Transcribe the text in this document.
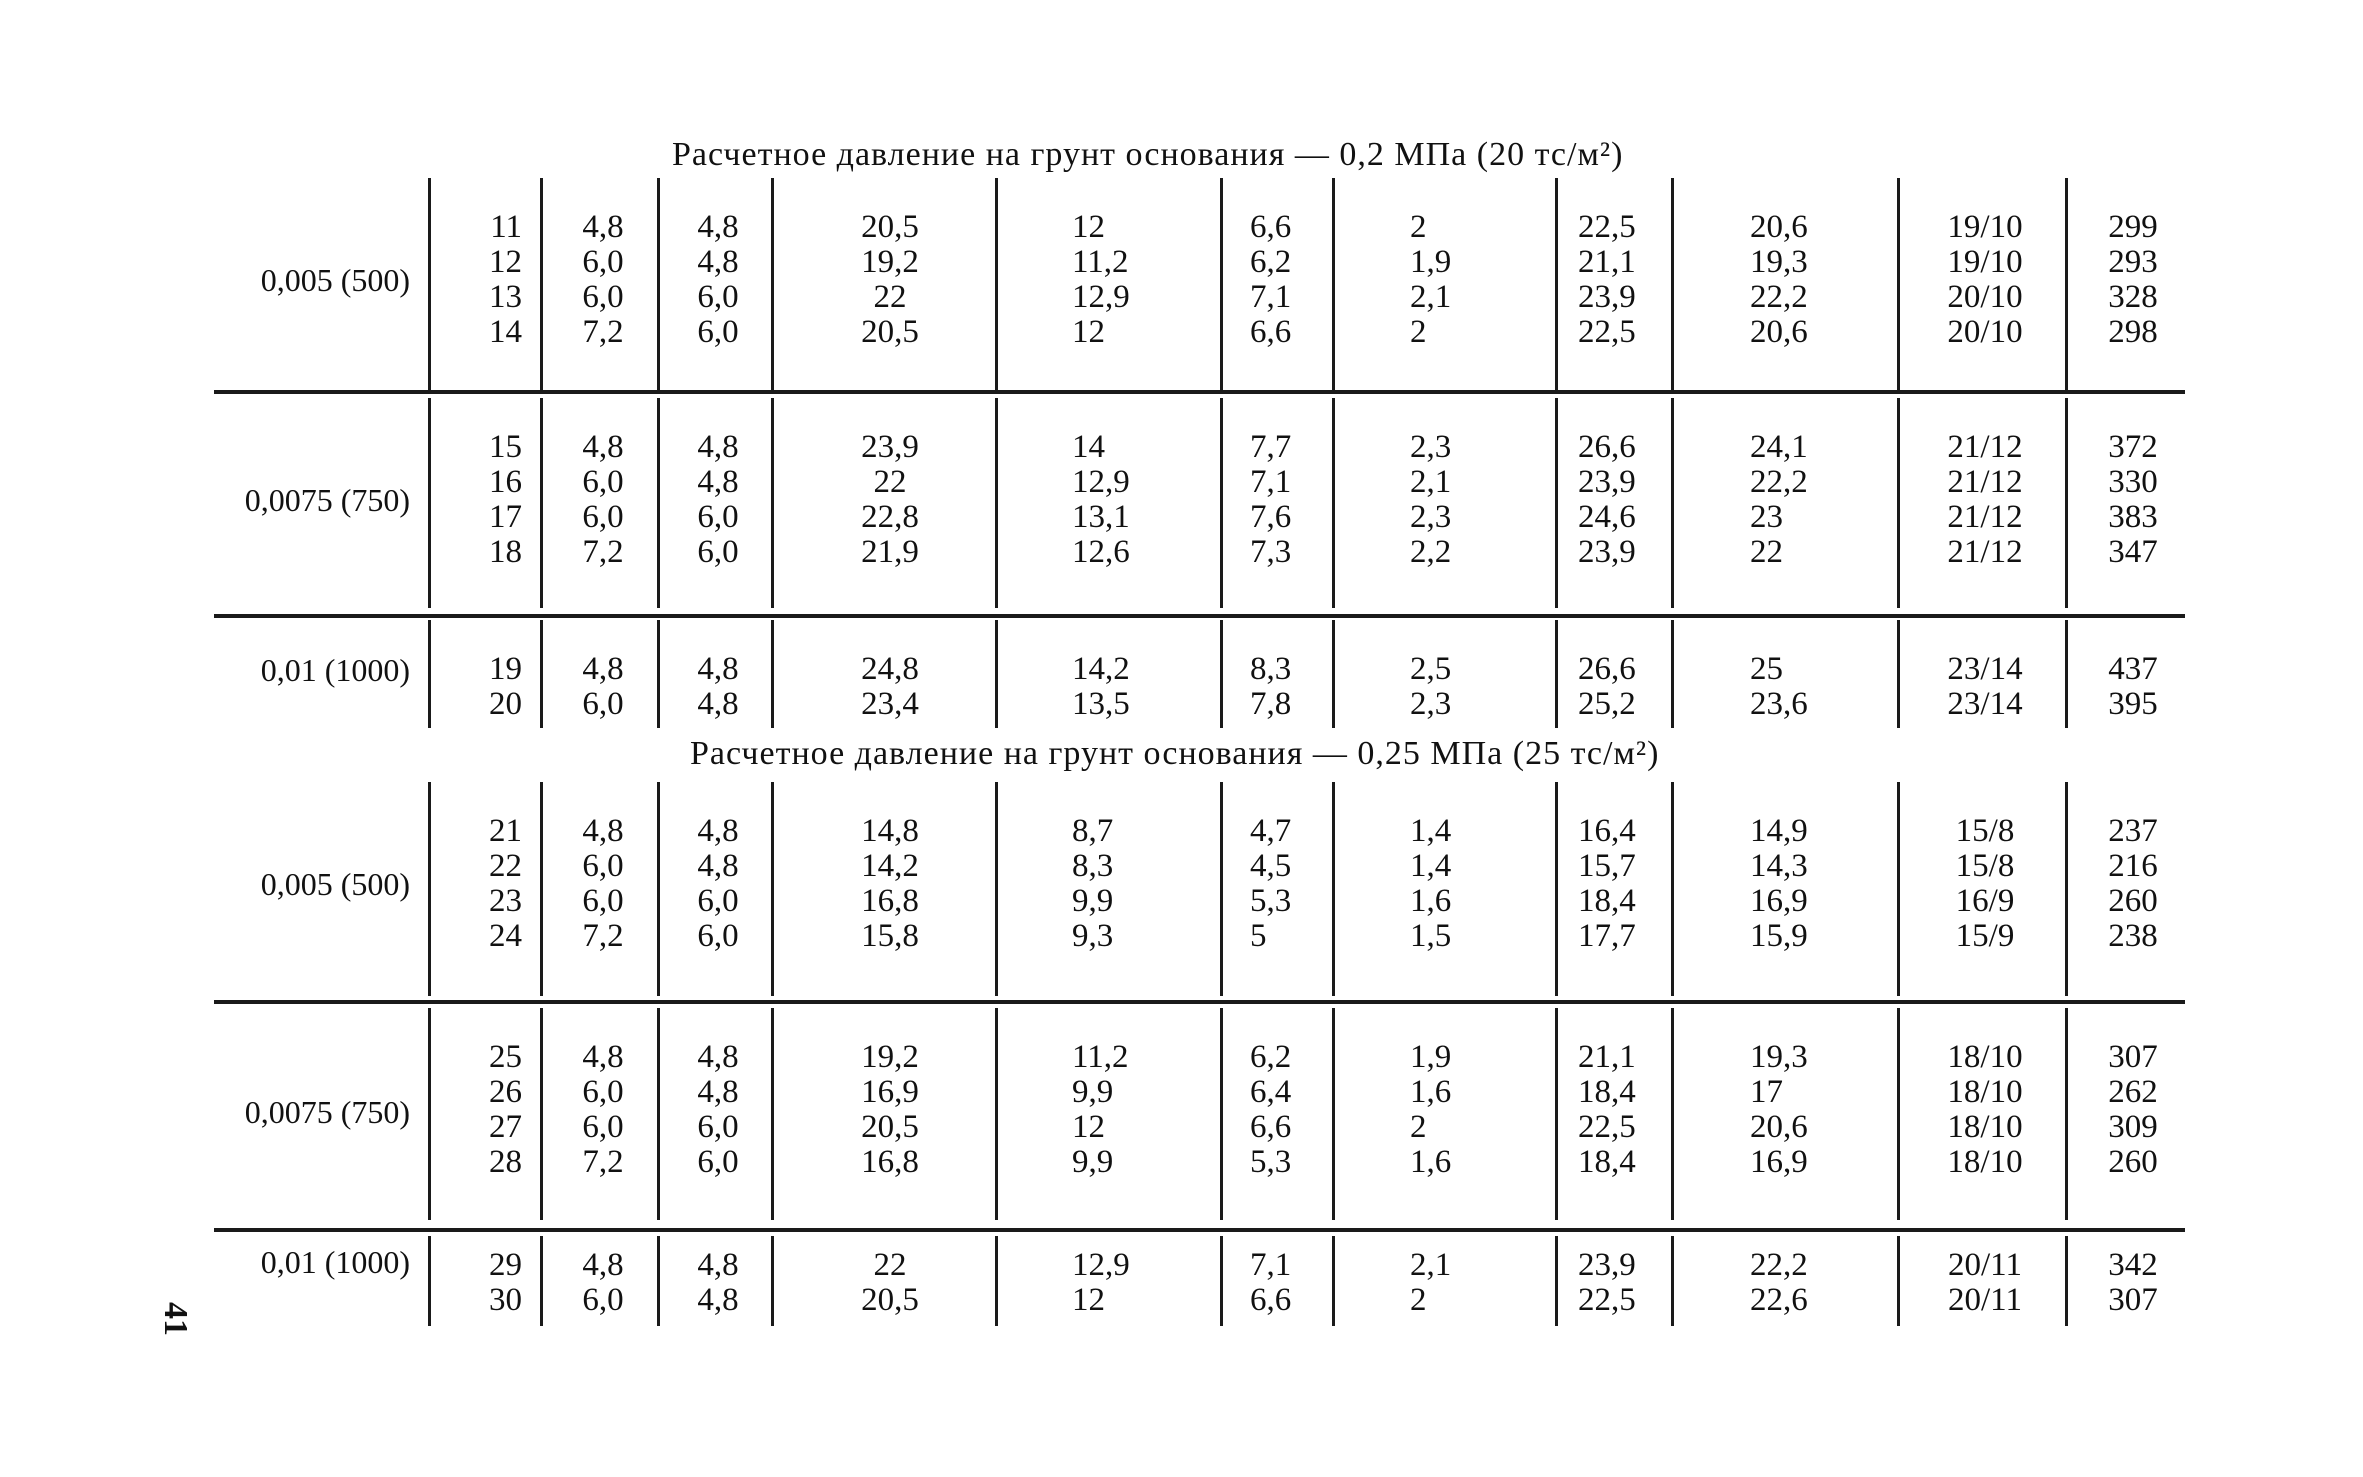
Расчетное давление на грунт основания — 0,2 МПа (20 тс/м²)
0,005 (500)
11
12
13
14
4,8
6,0
6,0
7,2
4,8
4,8
6,0
6,0
20,5
19,2
22
20,5
12
11,2
12,9
12
6,6
6,2
7,1
6,6
2
1,9
2,1
2
22,5
21,1
23,9
22,5
20,6
19,3
22,2
20,6
19/10
19/10
20/10
20/10
299
293
328
298
0,0075 (750)
15
16
17
18
4,8
6,0
6,0
7,2
4,8
4,8
6,0
6,0
23,9
22
22,8
21,9
14
12,9
13,1
12,6
7,7
7,1
7,6
7,3
2,3
2,1
2,3
2,2
26,6
23,9
24,6
23,9
24,1
22,2
23
22
21/12
21/12
21/12
21/12
372
330
383
347
0,01 (1000)	19
20
4,8
6,0
4,8
4,8
24,8
23,4
14,2
13,5
8,3
7,8
2,5
2,3
26,6
25,2
25
23,6
23/14
23/14
437
395
Расчетное давление на грунт основания — 0,25 МПа (25 тс/м²)
0,005 (500)
21
22
23
24
4,8
6,0
6,0
7,2
4,8
4,8
6,0
6,0
14,8
14,2
16,8
15,8
8,7
8,3
9,9
9,3
4,7
4,5
5,3
5
1,4
1,4
1,6
1,5
16,4
15,7
18,4
17,7
14,9
14,3
16,9
15,9
15/8
15/8
16/9
15/9
237
216
260
238
0,0075 (750)
25
26
27
28
4,8
6,0
6,0
7,2
4,8
4,8
6,0
6,0
19,2
16,9
20,5
16,8
11,2
9,9
12
9,9
6,2
6,4
6,6
5,3
1,9
1,6
2
1,6
21,1
18,4
22,5
18,4
19,3
17
20,6
16,9
18/10
18/10
18/10
18/10
307
262
309
260
0,01 (1000)	29
30
4,8
6,0
4,8
4,8
22
20,5
12,9
12
7,1
6,6
2,1
2
23,9
22,5
22,2
22,6
20/11
20/11
342
307
41
